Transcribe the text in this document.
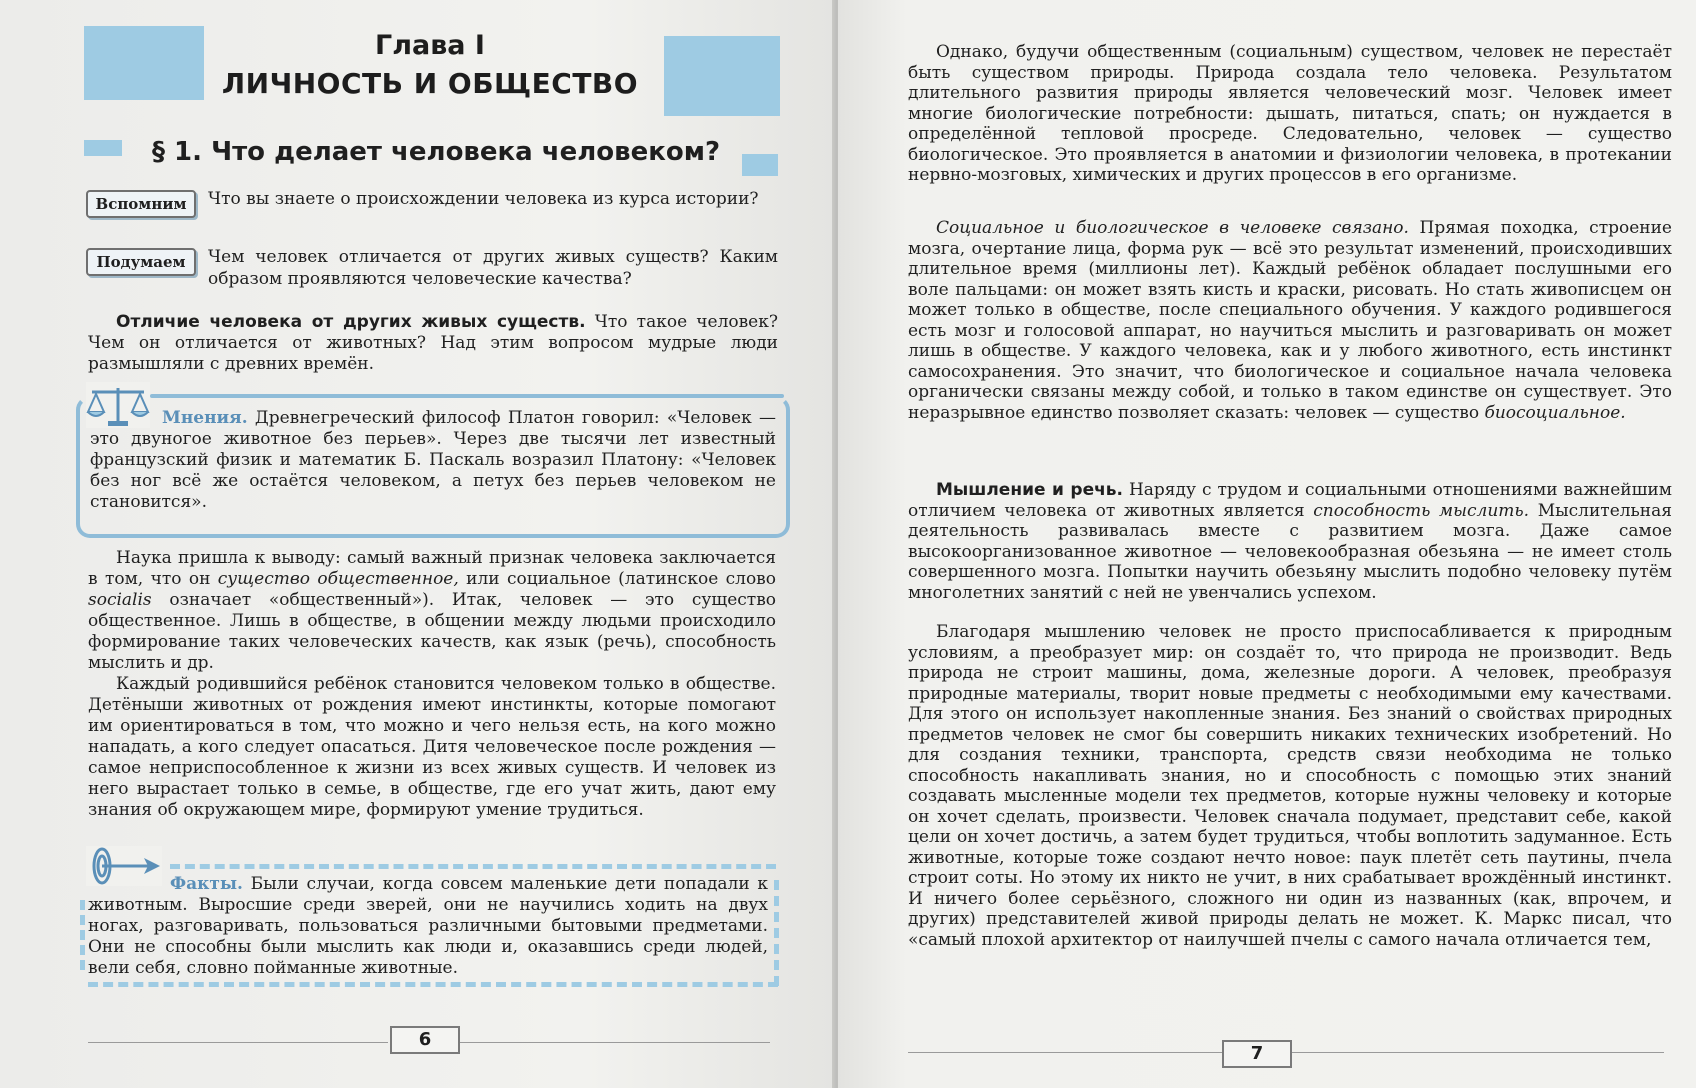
Глава I
ЛИЧНОСТЬ И ОБЩЕСТВО
§ 1. Что делает человека человеком?
Вспомним	Что вы знаете о происхождении человека из курса истории?
Подумаем	Чем человек отличается от других живых существ? Каким образом проявляются человеческие качества?
Отличие человека от других живых существ. Что такое человек? Чем он отличается от животных? Над этим вопросом мудрые люди размышляли с древних времён.
Мнения. Древнегреческий философ Платон говорил: «Человек — это двуногое животное без перьев». Через две тысячи лет известный французский физик и математик Б. Паскаль возразил Платону: «Человек без ног всё же остаётся человеком, а петух без перьев человеком не становится».
Наука пришла к выводу: самый важный признак человека заключается в том, что он существо общественное, или социальное (латинское слово socialis означает «общественный»). Итак, человек — это существо общественное. Лишь в обществе, в общении между людьми происходило формирование таких человеческих качеств, как язык (речь), способность мыслить и др.
Каждый родившийся ребёнок становится человеком только в обществе. Детёныши животных от рождения имеют инстинкты, которые помогают им ориентироваться в том, что можно и чего нельзя есть, на кого можно нападать, а кого следует опасаться. Дитя человеческое после рождения — самое неприспособленное к жизни из всех живых существ. И человек из него вырастает только в семье, в обществе, где его учат жить, дают ему знания об окружающем мире, формируют умение трудиться.
Факты. Были случаи, когда совсем маленькие дети попадали к животным. Выросшие среди зверей, они не научились ходить на двух ногах, разговаривать, пользоваться различными бытовыми предметами. Они не способны были мыслить как люди и, оказавшись среди людей, вели себя, словно пойманные животные.
6
Однако, будучи общественным (социальным) существом, человек не перестаёт быть существом природы. Природа создала тело человека. Результатом длительного развития природы является человеческий мозг. Человек имеет многие биологические потребности: дышать, питаться, спать; он нуждается в определённой тепловой просреде. Следовательно, человек — существо биологическое. Это проявляется в анатомии и физиологии человека, в протекании нервно-мозговых, химических и других процессов в его организме.
Социальное и биологическое в человеке связано. Прямая походка, строение мозга, очертание лица, форма рук — всё это результат изменений, происходивших длительное время (миллионы лет). Каждый ребёнок обладает послушными его воле пальцами: он может взять кисть и краски, рисовать. Но стать живописцем он может только в обществе, после специального обучения. У каждого родившегося есть мозг и голосовой аппарат, но научиться мыслить и разговаривать он может лишь в обществе. У каждого человека, как и у любого животного, есть инстинкт самосохранения. Это значит, что биологическое и социальное начала человека органически связаны между собой, и только в таком единстве он существует. Это неразрывное единство позволяет сказать: человек — существо биосоциальное.
Мышление и речь. Наряду с трудом и социальными отношениями важнейшим отличием человека от животных является способность мыслить. Мыслительная деятельность развивалась вместе с развитием мозга. Даже самое высокоорганизованное животное — человекообразная обезьяна — не имеет столь совершенного мозга. Попытки научить обезьяну мыслить подобно человеку путём многолетних занятий с ней не увенчались успехом.
Благодаря мышлению человек не просто приспосабливается к природным условиям, а преобразует мир: он создаёт то, что природа не производит. Ведь природа не строит машины, дома, железные дороги. А человек, преобразуя природные материалы, творит новые предметы с необходимыми ему качествами. Для этого он использует накопленные знания. Без знаний о свойствах природных предметов человек не смог бы совершить никаких технических изобретений. Но для создания техники, транспорта, средств связи необходима не только способность накапливать знания, но и способность с помощью этих знаний создавать мысленные модели тех предметов, которые нужны человеку и которые он хочет сделать, произвести. Человек сначала подумает, представит себе, какой цели он хочет достичь, а затем будет трудиться, чтобы воплотить задуманное. Есть животные, которые тоже создают нечто новое: паук плетёт сеть паутины, пчела строит соты. Но этому их никто не учит, в них срабатывает врождённый инстинкт. И ничего более серьёзного, сложного ни один из названных (как, впрочем, и других) представителей живой природы делать не может. К. Маркс писал, что «самый плохой архитектор от наилучшей пчелы с самого начала отличается тем,
7
